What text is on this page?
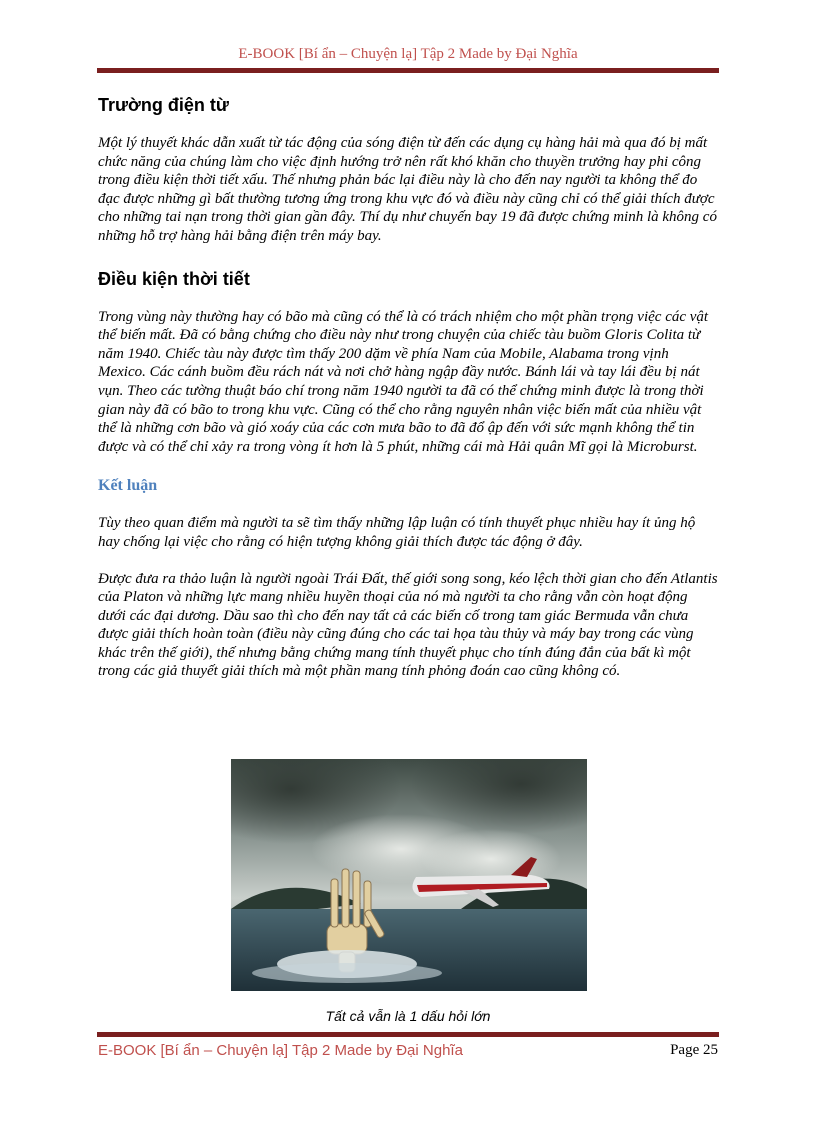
E-BOOK [Bí ẩn – Chuyện lạ] Tập 2 Made by Đại Nghĩa
Trường điện từ

Một lý thuyết khác dẫn xuất từ tác động của sóng điện từ đến các dụng cụ hàng hải mà qua đó bị mất chức năng của chúng làm cho việc định hướng trở nên rất khó khăn cho thuyền trưởng hay phi công trong điều kiện thời tiết xấu. Thế nhưng phản bác lại điều này là cho đến nay người ta không thể đo đạc được những gì bất thường tương ứng trong khu vực đó và điều này cũng chỉ có thể giải thích được cho những tai nạn trong thời gian gần đây. Thí dụ như chuyến bay 19 đã được chứng minh là không có những hỗ trợ hàng hải bằng điện trên máy bay.

Điều kiện thời tiết

Trong vùng này thường hay có bão mà cũng có thể là có trách nhiệm cho một phần trọng việc các vật thể biến mất. Đã có bằng chứng cho điều này như trong chuyện của chiếc tàu buồm Gloris Colita từ năm 1940. Chiếc tàu này được tìm thấy 200 dặm về phía Nam của Mobile, Alabama trong vịnh Mexico. Các cánh buồm đều rách nát và nơi chở hàng ngập đầy nước. Bánh lái và tay lái đều bị nát vụn. Theo các tường thuật báo chí trong năm 1940 người ta đã có thể chứng minh được là trong thời gian này đã có bão to trong khu vực. Cũng có thể cho rằng nguyên nhân việc biến mất của nhiều vật thể là những cơn bão và gió xoáy của các cơn mưa bão to đã đổ ập đến với sức mạnh không thể tin được và có thể chỉ xảy ra trong vòng ít hơn là 5 phút, những cái mà Hải quân Mĩ gọi là Microburst.

Kết luận

Tùy theo quan điểm mà người ta sẽ tìm thấy những lập luận có tính thuyết phục nhiều hay ít ủng hộ hay chống lại việc cho rằng có hiện tượng không giải thích được tác động ở đây.

Được đưa ra thảo luận là người ngoài Trái Đất, thế giới song song, kéo lệch thời gian cho đến Atlantis của Platon và những lực mang nhiều huyền thoại của nó mà người ta cho rằng vẫn còn hoạt động dưới các đại dương. Dầu sao thì cho đến nay tất cả các biến cố trong tam giác Bermuda vẫn chưa được giải thích hoàn toàn (điều này cũng đúng cho các tai họa tàu thủy và máy bay trong các vùng khác trên thế giới), thế nhưng bằng chứng mang tính thuyết phục cho tính đúng đắn của bất kì một trong các giả thuyết giải thích mà một phần mang tính phỏng đoán cao cũng không có.

Tất cả vẫn là 1 dấu hỏi lớn
E-BOOK [Bí ẩn – Chuyện lạ] Tập 2 Made by Đại Nghĩa	Page 25
